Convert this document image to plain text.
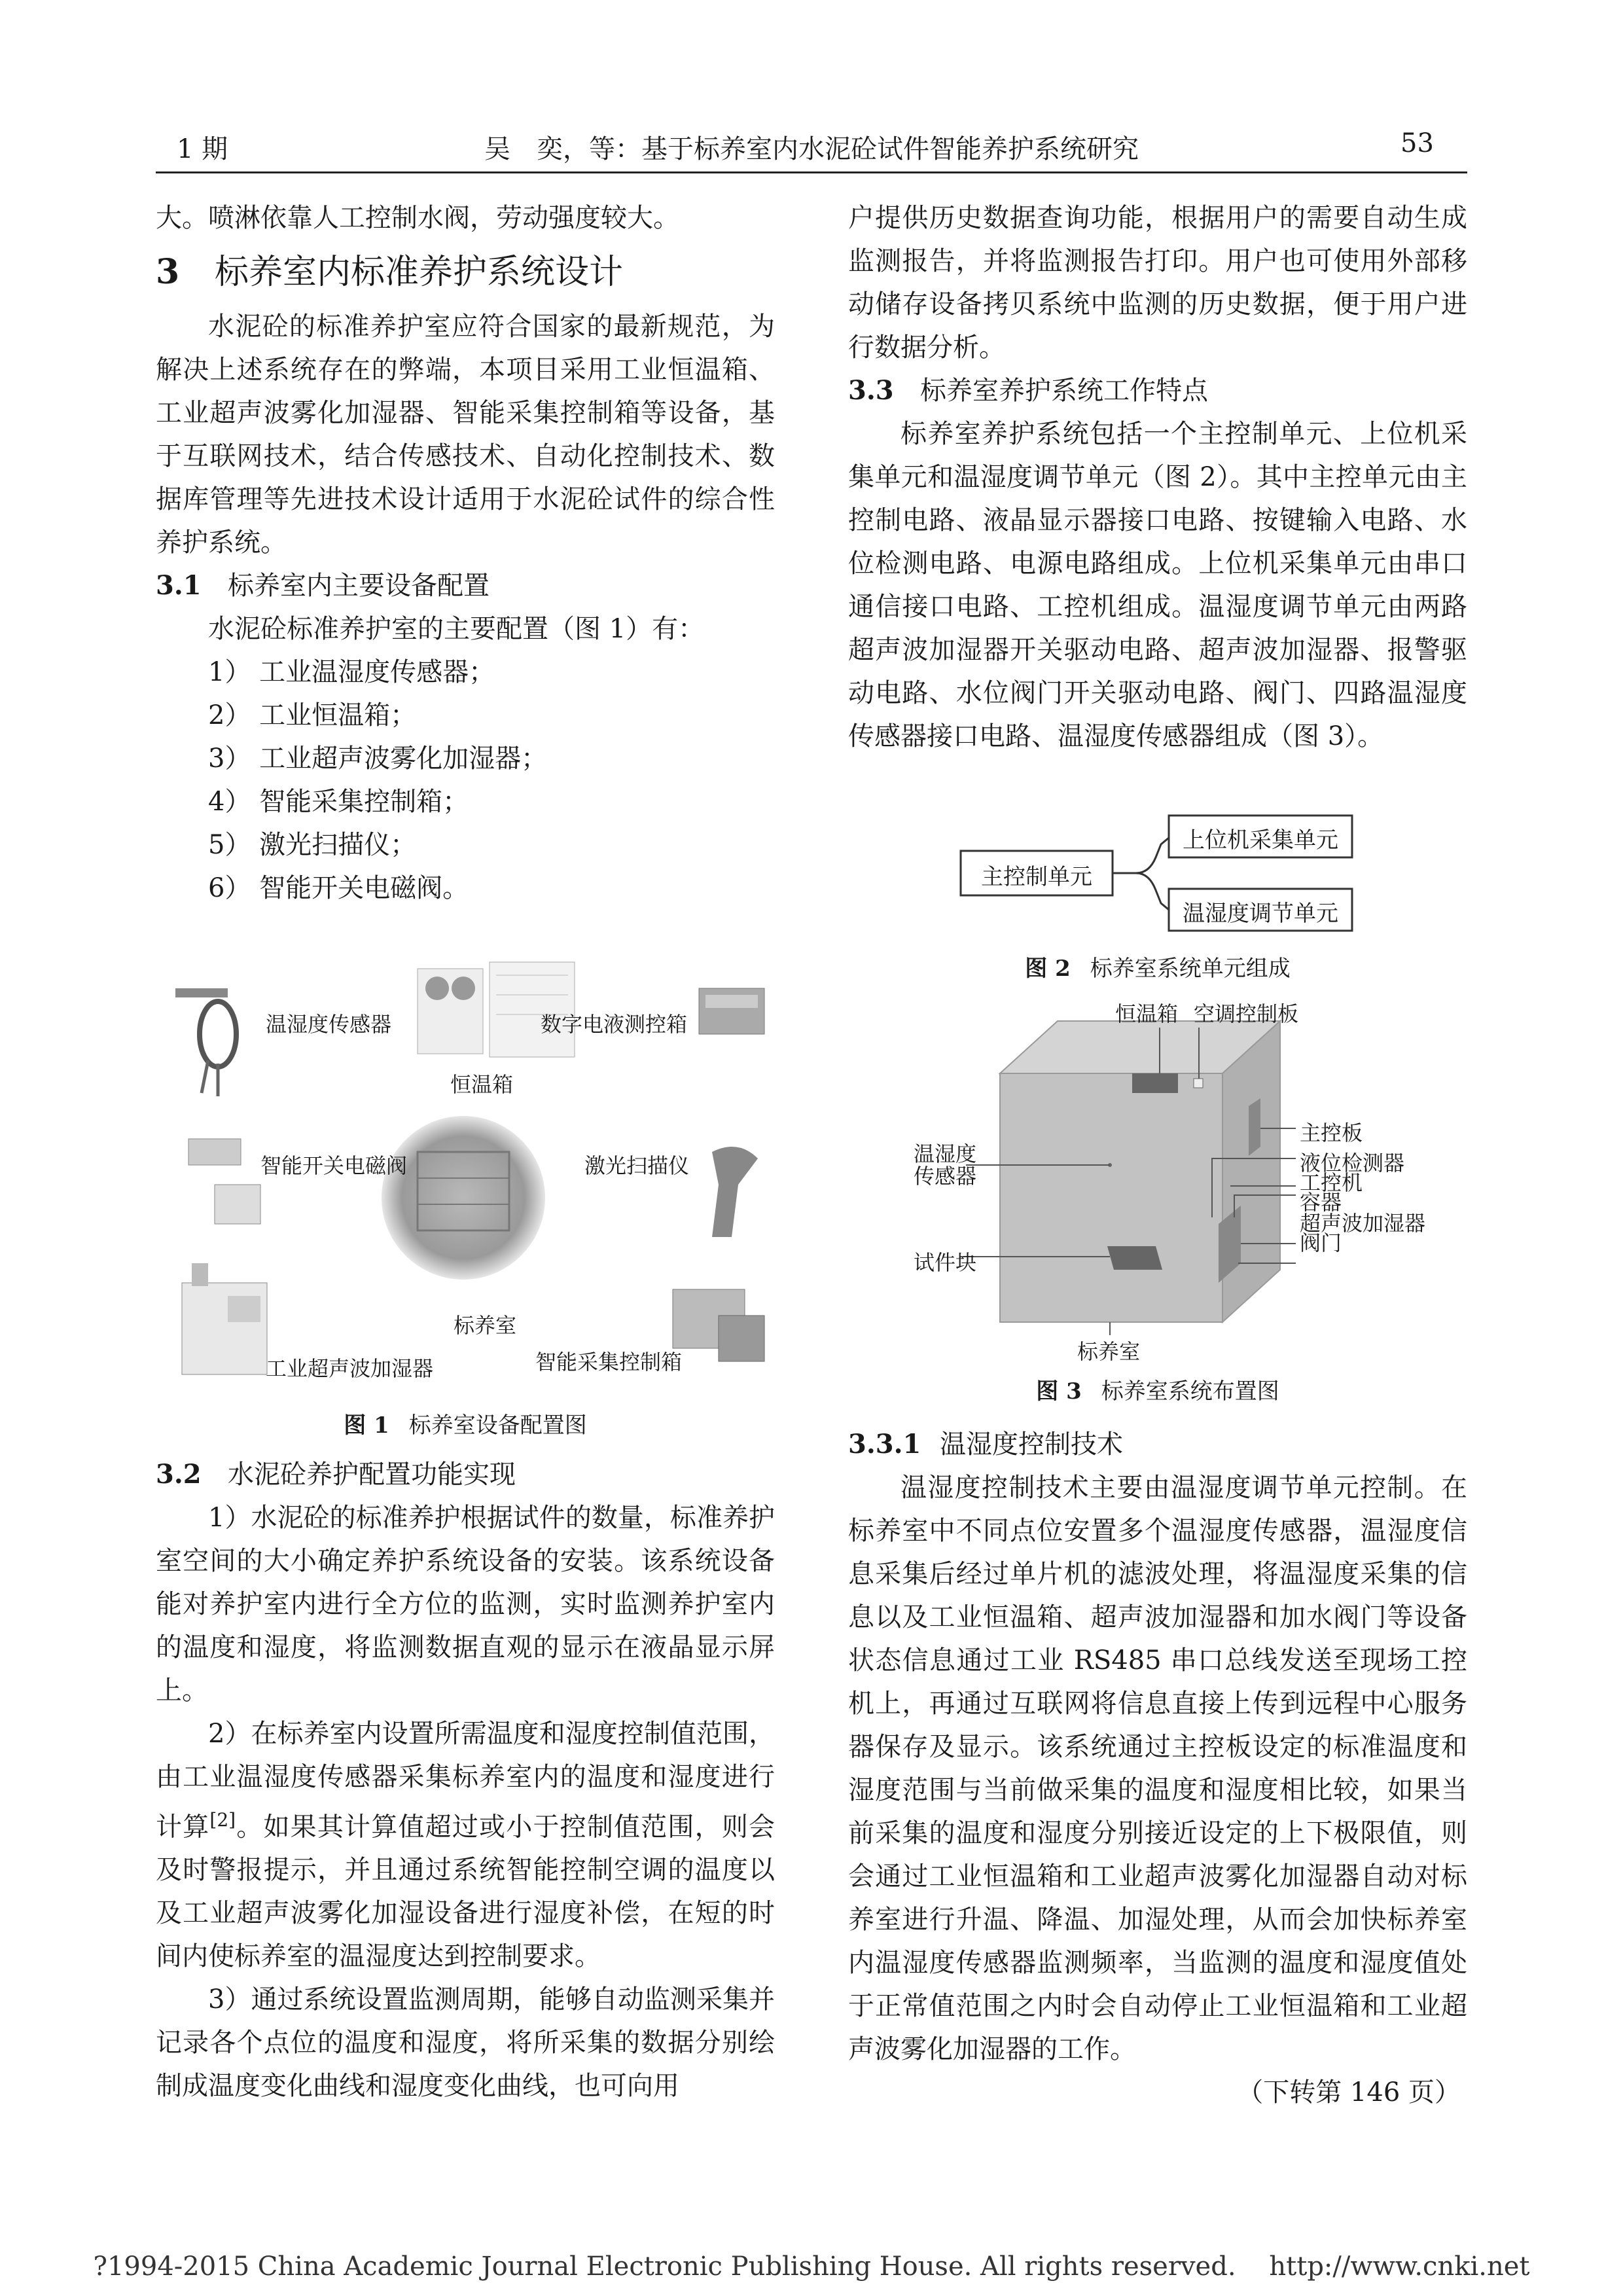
1 期	吴　奕，等：基于标养室内水泥砼试件智能养护系统研究	53

大。喷淋依靠人工控制水阀，劳动强度较大。

3 标养室内标准养护系统设计

水泥砼的标准养护室应符合国家的最新规范，为解决上述系统存在的弊端，本项目采用工业恒温箱、工业超声波雾化加湿器、智能采集控制箱等设备，基于互联网技术，结合传感技术、自动化控制技术、数据库管理等先进技术设计适用于水泥砼试件的综合性养护系统。

3.1 标养室内主要设备配置

水泥砼标准养护室的主要配置（图 1）有：

1） 工业温湿度传感器；
2） 工业恒温箱；
3） 工业超声波雾化加湿器；
4） 智能采集控制箱；
5） 激光扫描仪；
6） 智能开关电磁阀。
温湿度传感器	数字电液测控箱
恒温箱
智能开关电磁阀	激光扫描仪
标养室
工业超声波加湿器	智能采集控制箱
图 1 标养室设备配置图
3.2 水泥砼养护配置功能实现

1）水泥砼的标准养护根据试件的数量，标准养护室空间的大小确定养护系统设备的安装。该系统设备能对养护室内进行全方位的监测，实时监测养护室内的温度和湿度，将监测数据直观的显示在液晶显示屏上。

2）在标养室内设置所需温度和湿度控制值范围，由工业温湿度传感器采集标养室内的温度和湿度进行计算[2]。如果其计算值超过或小于控制值范围，则会及时警报提示，并且通过系统智能控制空调的温度以及工业超声波雾化加湿设备进行湿度补偿，在短的时间内使标养室的温湿度达到控制要求。

3）通过系统设置监测周期，能够自动监测采集并记录各个点位的温度和湿度，将所采集的数据分别绘制成温度变化曲线和湿度变化曲线，也可向用

户提供历史数据查询功能，根据用户的需要自动生成监测报告，并将监测报告打印。用户也可使用外部移动储存设备拷贝系统中监测的历史数据，便于用户进行数据分析。

3.3 标养室养护系统工作特点

标养室养护系统包括一个主控制单元、上位机采集单元和温湿度调节单元（图 2）。其中主控单元由主控制电路、液晶显示器接口电路、按键输入电路、水位检测电路、电源电路组成。上位机采集单元由串口通信接口电路、工控机组成。温湿度调节单元由两路超声波加湿器开关驱动电路、超声波加湿器、报警驱动电路、水位阀门开关驱动电路、阀门、四路温湿度传感器接口电路、温湿度传感器组成（图 3）。

主控制单元
上位机采集单元
温湿度调节单元
图 2 标养室系统单元组成
恒温箱 空调控制板
温湿度
传感器
试件块
标养室
主控板
液位检测器
工控机
容器
超声波加湿器
阀门
图 3 标养室系统布置图
3.3.1 温湿度控制技术

温湿度控制技术主要由温湿度调节单元控制。在标养室中不同点位安置多个温湿度传感器，温湿度信息采集后经过单片机的滤波处理，将温湿度采集的信息以及工业恒温箱、超声波加湿器和加水阀门等设备状态信息通过工业 RS485 串口总线发送至现场工控机上，再通过互联网将信息直接上传到远程中心服务器保存及显示。该系统通过主控板设定的标准温度和湿度范围与当前做采集的温度和湿度相比较，如果当前采集的温度和湿度分别接近设定的上下极限值，则会通过工业恒温箱和工业超声波雾化加湿器自动对标养室进行升温、降温、加湿处理，从而会加快标养室内温湿度传感器监测频率，当监测的温度和湿度值处于正常值范围之内时会自动停止工业恒温箱和工业超声波雾化加湿器的工作。

（下转第 146 页）
?1994-2015 China Academic Journal Electronic Publishing House. All rights reserved.    http://www.cnki.net
